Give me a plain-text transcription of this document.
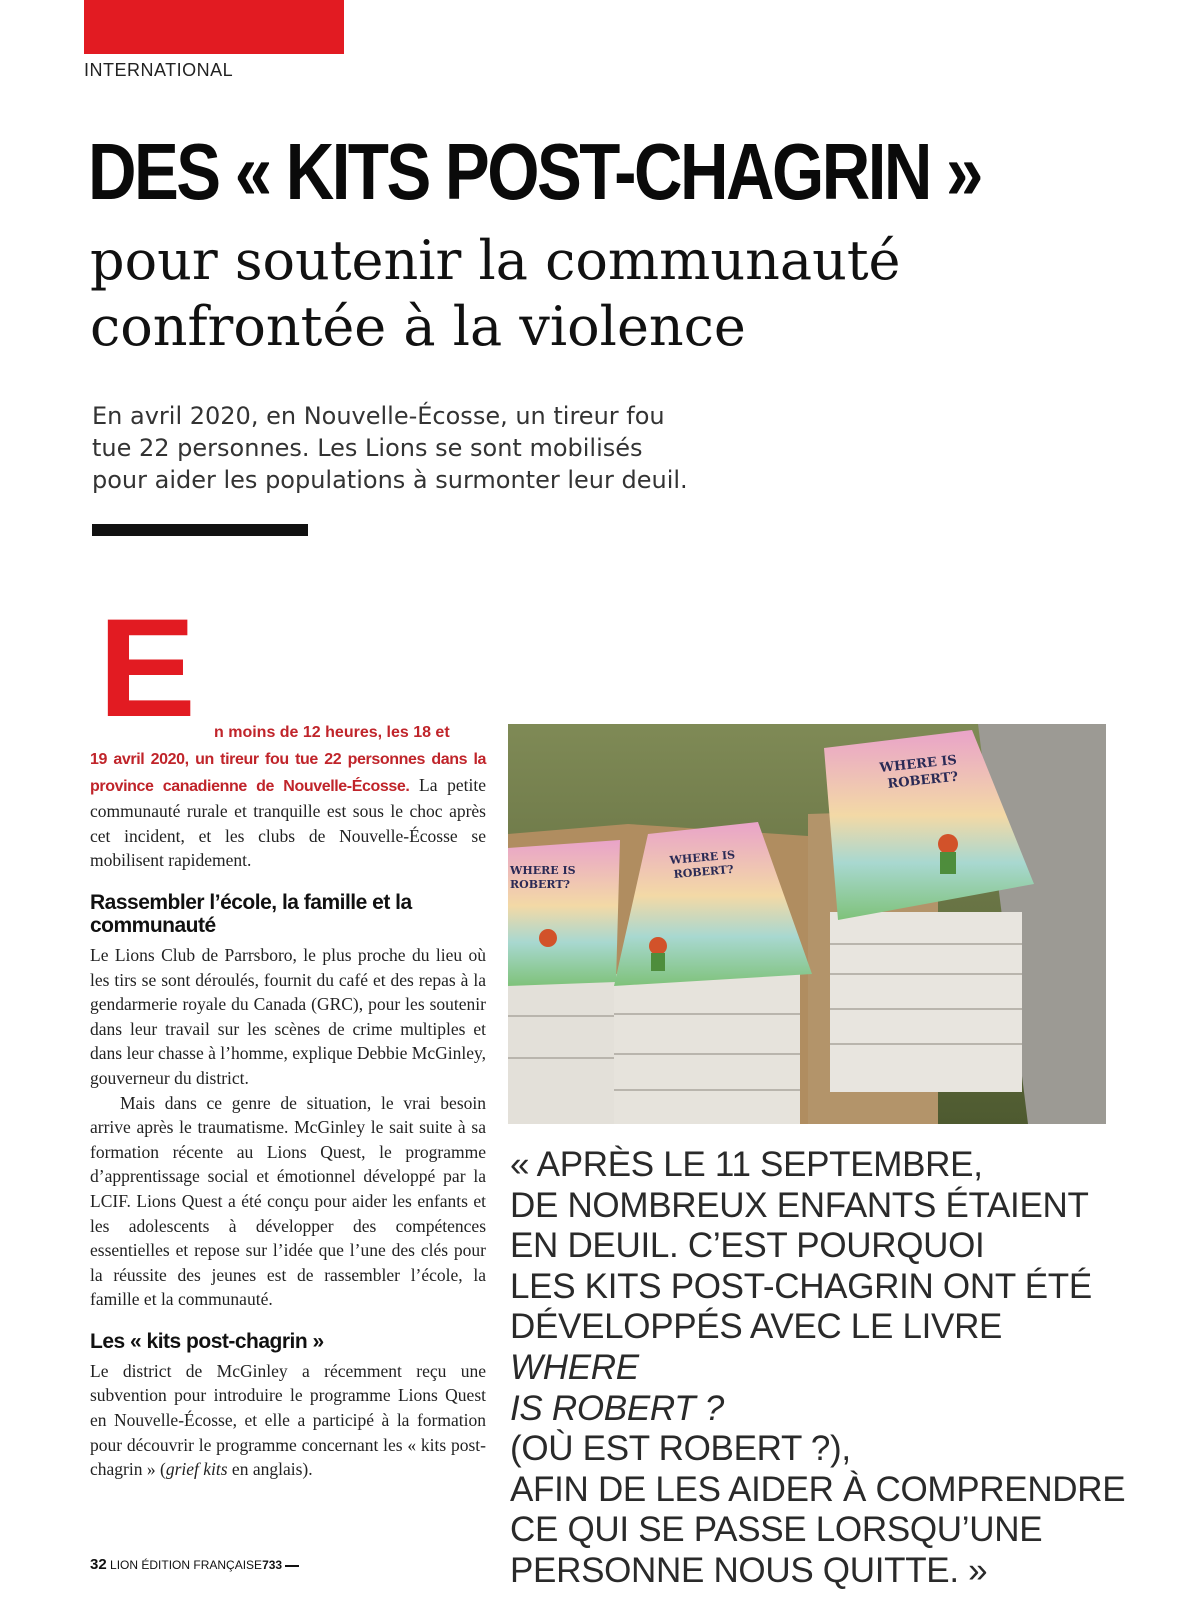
INTERNATIONAL
DES « KITS POST-CHAGRIN »
pour soutenir la communauté
confrontée à la violence
En avril 2020, en Nouvelle-Écosse, un tireur fou
tue 22 personnes. Les Lions se sont mobilisés
pour aider les populations à surmonter leur deuil.
E n moins de 12 heures, les 18 et

19 avril 2020, un tireur fou tue 22 personnes dans la province canadienne de Nouvelle-Écosse. La petite communauté rurale et tranquille est sous le choc après cet incident, et les clubs de Nouvelle-Écosse se mobilisent rapidement.

Rassembler l’école, la famille et la communauté

Le Lions Club de Parrsboro, le plus proche du lieu où les tirs se sont déroulés, fournit du café et des repas à la gendarmerie royale du Canada (GRC), pour les soutenir dans leur travail sur les scènes de crime multiples et dans leur chasse à l’homme, explique Debbie McGinley, gouverneur du district.

Mais dans ce genre de situation, le vrai besoin arrive après le traumatisme. McGinley le sait suite à sa formation récente au Lions Quest, le programme d’apprentissage social et émotionnel développé par la LCIF. Lions Quest a été conçu pour aider les enfants et les adolescents à développer des compétences essentielles et repose sur l’idée que l’une des clés pour la réussite des jeunes est de rassembler l’école, la famille et la communauté.

Les « kits post-chagrin »

Le district de McGinley a récemment reçu une subvention pour introduire le programme Lions Quest en Nouvelle-Écosse, et elle a participé à la formation pour découvrir le programme concernant les « kits post-chagrin » (grief kits en anglais).

WHERE IS
ROBERT?
WHERE IS
ROBERT?
WHERE IS
ROBERT?
« APRÈS LE 11 SEPTEMBRE,
DE NOMBREUX ENFANTS ÉTAIENT
EN DEUIL. C’EST POURQUOI
LES KITS POST-CHAGRIN ONT ÉTÉ
DÉVELOPPÉS AVEC LE LIVRE
WHERE
IS ROBERT ?
(OÙ EST ROBERT ?),
AFIN DE LES AIDER À COMPRENDRE
CE QUI SE PASSE LORSQU’UNE
PERSONNE NOUS QUITTE. »
32 LION ÉDITION FRANÇAISE733
